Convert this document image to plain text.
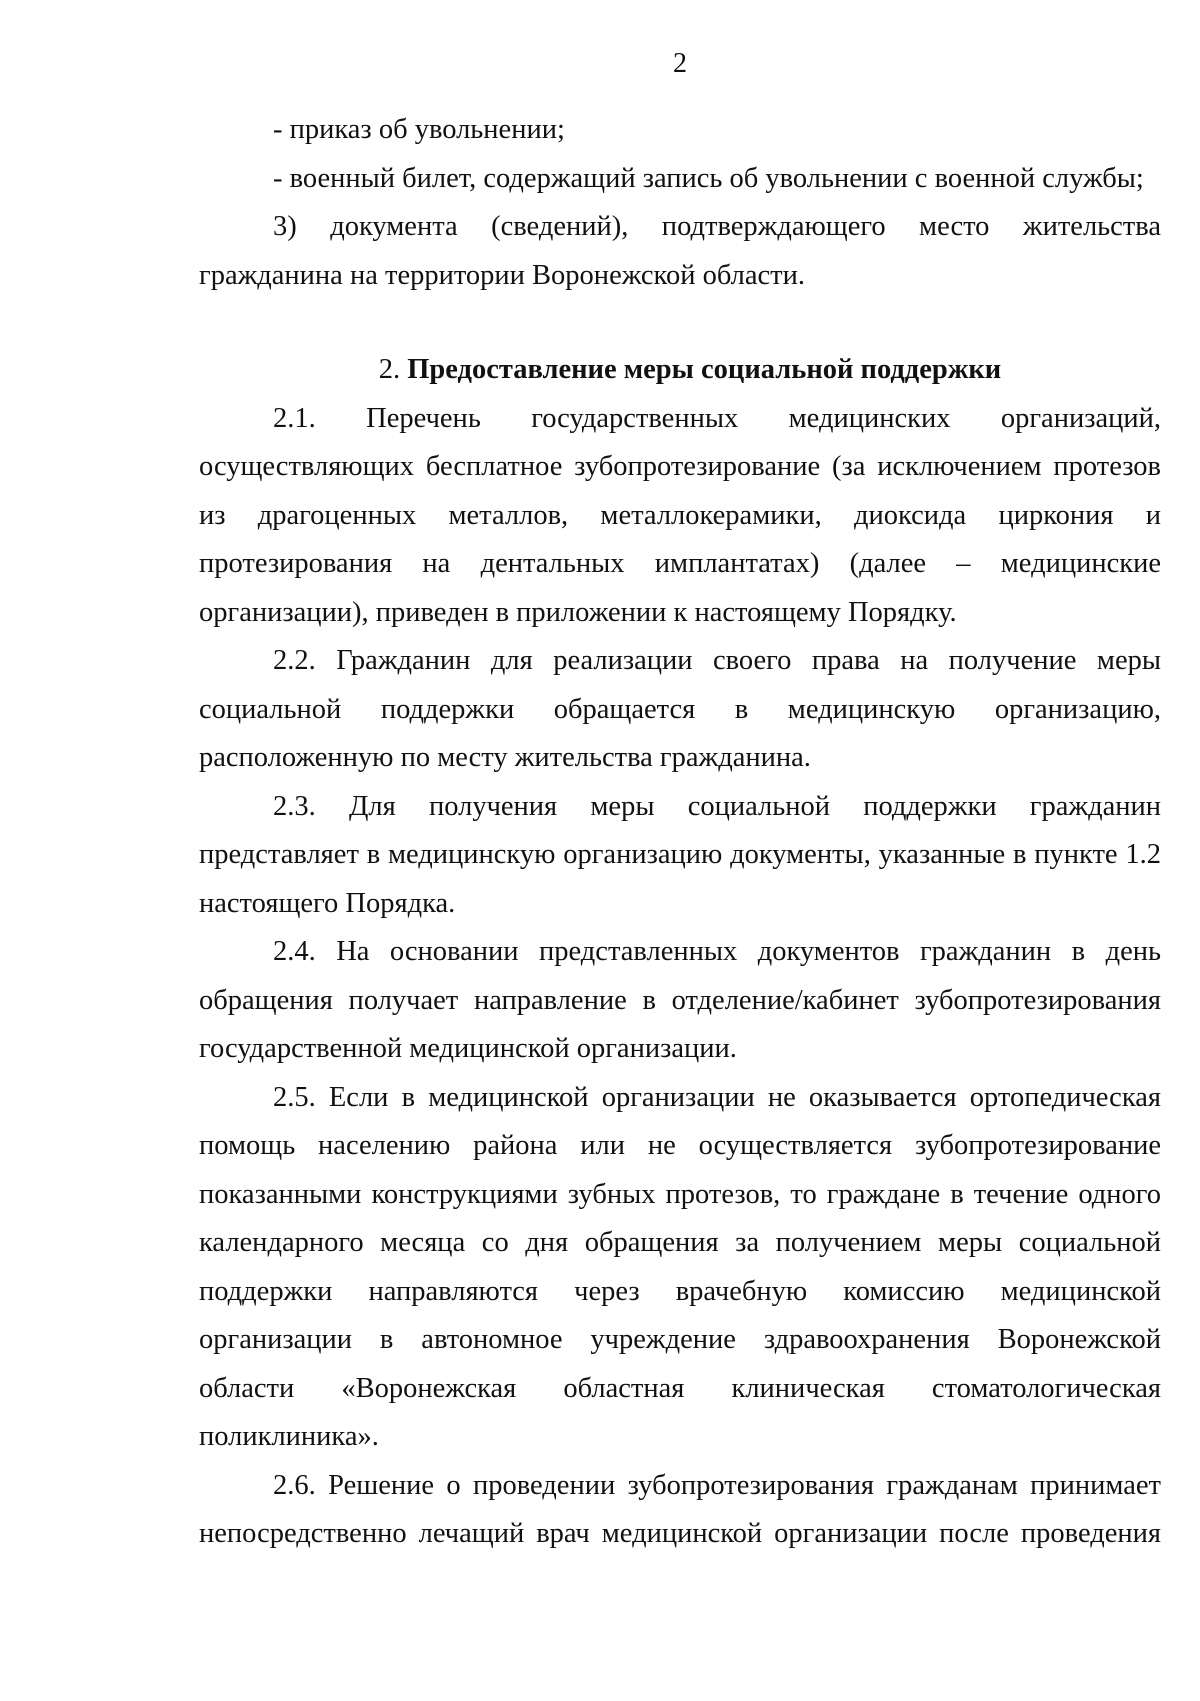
2
- приказ об увольнении;
- военный билет, содержащий запись об увольнении с военной службы;
3) документа (сведений), подтверждающего место жительства
гражданина на территории Воронежской области.
2. Предоставление меры социальной поддержки
2.1. Перечень государственных медицинских организаций,
осуществляющих бесплатное зубопротезирование (за исключением протезов
из драгоценных металлов, металлокерамики, диоксида циркония и
протезирования на дентальных имплантатах) (далее – медицинские
организации), приведен в приложении к настоящему Порядку.
2.2. Гражданин для реализации своего права на получение меры
социальной поддержки обращается в медицинскую организацию,
расположенную по месту жительства гражданина.
2.3. Для получения меры социальной поддержки гражданин
представляет в медицинскую организацию документы, указанные в пункте 1.2
настоящего Порядка.
2.4. На основании представленных документов гражданин в день
обращения получает направление в отделение/кабинет зубопротезирования
государственной медицинской организации.
2.5. Если в медицинской организации не оказывается ортопедическая
помощь населению района или не осуществляется зубопротезирование
показанными конструкциями зубных протезов, то граждане в течение одного
календарного месяца со дня обращения за получением меры социальной
поддержки направляются через врачебную комиссию медицинской
организации в автономное учреждение здравоохранения Воронежской
области «Воронежская областная клиническая стоматологическая
поликлиника».
2.6. Решение о проведении зубопротезирования гражданам принимает
непосредственно лечащий врач медицинской организации после проведения
